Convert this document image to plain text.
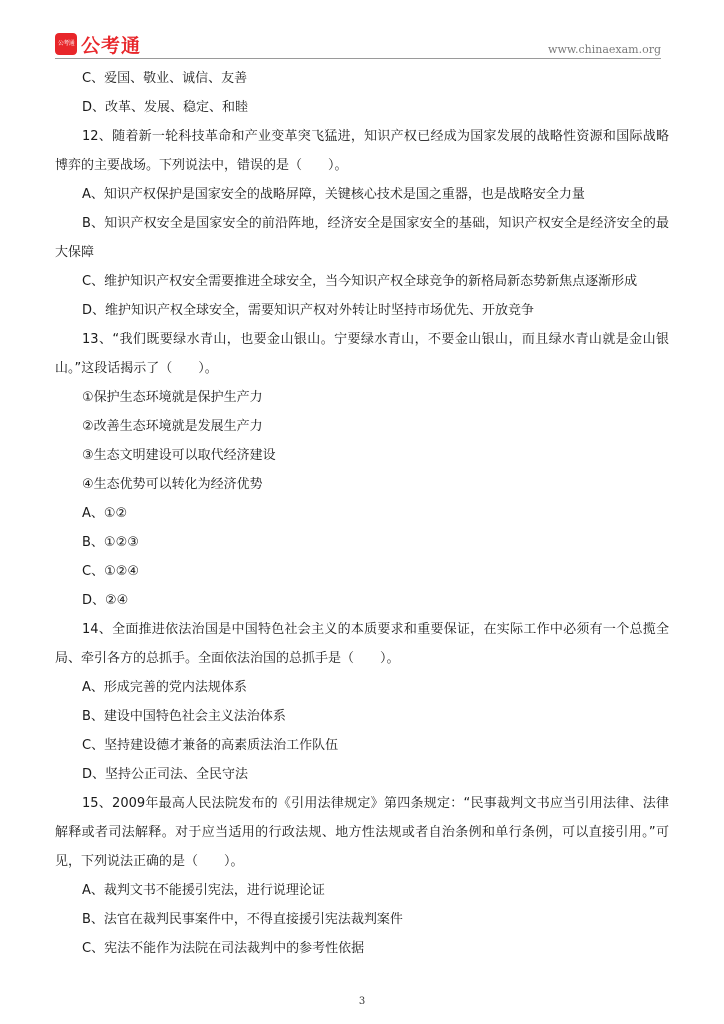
公考通 公考通	www.chinaexam.org
C、爱国、敬业、诚信、友善
D、改革、发展、稳定、和睦
12、随着新一轮科技革命和产业变革突飞猛进，知识产权已经成为国家发展的战略性资源和国际战略博弈的主要战场。下列说法中，错误的是（　　）。
A、知识产权保护是国家安全的战略屏障，关键核心技术是国之重器，也是战略安全力量
B、知识产权安全是国家安全的前沿阵地，经济安全是国家安全的基础，知识产权安全是经济安全的最大保障
C、维护知识产权安全需要推进全球安全，当今知识产权全球竞争的新格局新态势新焦点逐渐形成
D、维护知识产权全球安全，需要知识产权对外转让时坚持市场优先、开放竞争
13、“我们既要绿水青山，也要金山银山。宁要绿水青山，不要金山银山，而且绿水青山就是金山银山。”这段话揭示了（　　）。
①保护生态环境就是保护生产力
②改善生态环境就是发展生产力
③生态文明建设可以取代经济建设
④生态优势可以转化为经济优势
A、①②
B、①②③
C、①②④
D、②④
14、全面推进依法治国是中国特色社会主义的本质要求和重要保证，在实际工作中必须有一个总揽全局、牵引各方的总抓手。全面依法治国的总抓手是（　　）。
A、形成完善的党内法规体系
B、建设中国特色社会主义法治体系
C、坚持建设德才兼备的高素质法治工作队伍
D、坚持公正司法、全民守法
15、2009年最高人民法院发布的《引用法律规定》第四条规定：“民事裁判文书应当引用法律、法律解释或者司法解释。对于应当适用的行政法规、地方性法规或者自治条例和单行条例，可以直接引用。”可见，下列说法正确的是（　　）。
A、裁判文书不能援引宪法，进行说理论证
B、法官在裁判民事案件中，不得直接援引宪法裁判案件
C、宪法不能作为法院在司法裁判中的参考性依据
3
